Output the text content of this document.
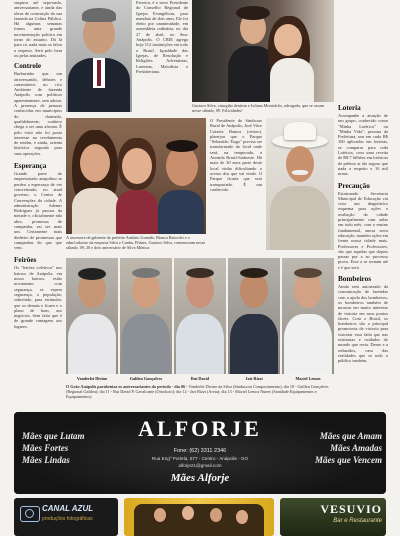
suspiros até sepa-nado, aniversariante, e ainda das obras de construção da sua fazenda na Colina Pública. Há algumas semanas fomos uma grande movimentação política em torno do assunto. Dá lá para cá, nada mais se falou a respeito. Será pelo bem ou pelas amizades.

Controle

Burburinho que um atravessando, debates e comentários no rico Ambiente de fazenda Anápolis com políticos aparentemente, sem adotar. A presença de pessoas conhecidas em municípios do chamado, qualidelmente, conhece chega a ser uma afronta. É pelo visto não foi posto interesse no recebimento de rendas, e ainda, orienta histórica segundo para suas operações.

Esperança

Grande parte do empresariado anapolino se perdeu a esperança de ver concretizado, no atual governo, o Centro de Convenções da cidade. A administração Ademir Rodrigues já passou da metade e, oficialmente não abre, promessa de campanha, vai ser mais um. Certamente mais dinheiro de promessas que campanhas do que que vem.

Feirões

Os "feirões coletivos" nos bairros de Anápolis, em nosso bairros, estão novamente, com segurança, se espera segurança, a população, sobretudo, para estimular, que os demais e ficam e o plano de bom, aos negócios. Sem falar que é de grande vantagens aos lugares.

Ferreira, é o novo Presidente do Conselho Regional de Igrejas Evangélicas, para mandato de dois anos. Ele foi eleito por unanimidade, em assembleia ordinária, no dia 27 de abril, no Sesc Anápolis. O CRIE agrega hoje 112 instituições em todo o Brasil. Igualdade das Igrejas, de Resolução e Religiões Adventistas, Luterana, Metodista e Presbiteriana.

Gustavo Silva, cirurgião dentista e Juliana Montalvão, advogada, que se casam nesse sábado, 09. Felicidades!
A assessora de gabinete do prefeito Antônio Gomide, Bianca Baiocchi e o adm/cadastro da empresa Silva e Cunha, Filmes, Gustavo Silva, comemoram nesse sábado, 09, 20 e dois aniversário de Silva Mônica.

O Presidente do Sindicato Rural de Anápolis, José Vitor Caixeta Ramos (centro), planejou que o Parque "Sebastião Tiago" precisa ser transformado do local onde será, na temporada, a Avenida Brasil-Sudoeste. Há mais de 30 anos parte deste local vinha dificultando o acesso dos que vai vindo. O Parque ficaria que será transportado. É um conhecido.

Loteria

Acompanhe a atuação de um grupo, conhecido como "Minha Lotérica" ou "Minha Vida", persona da Prefeitura, um em cada R$ 100 aplicados em loterias, se comparar para toda Lotérica, com uma receita de R$ 7 bilhões em lotéricas de prêmio aí tão seguro que nada a respeito e 16 mil urnas.

Precaução

Estruturado Secretaria Municipal de Educação vai criar um diagnóstico esquema para ações e avaliação da cidade principalmente com aulas em todo mês, com o ensino fundamental, anexa nova educação, mantém ações em frente nossa cidade mais. Professores e Professores, são que aquelas que depois passar por a ao processo prova. Esse a se tornam até e é que será.

Bombeiros

Ainda sem autorizado da comunicação de fazendas com a ajuda dos bombeiros, os bombeiros também de mostrar em muito interesse de vistoria em seus pontos fáceis. Com o Brasil, os bombeiros são a principal promotoria de vistoria para vistoriar essa falta que nas estruturas e cuidados do mundo que resta. Demo e a reduzidos, caso das realidades que se todo o público também.

Vanderlei Divino	Galileu Gonçalves	Rui David	Jair Rizzi	Maciel Lemos
O Grão Anápolis parabeniza os aniversariantes do período - dia 06 - Vanderlei Divino da Silva (Sinduscon Comportamento); dia 10 - Galileu Gonçalves (Regional Galileu); dia 11 - Rui David P. Cavalcante (Ortodoxo); dia 12 - Jair Rizzi (Areia); dia 13 - Maciel Lemos Nunes (Sanidade Equipamentos e Equipamentos).
Mães que Lutam
Mães Fortes
Mães Lindas
ALFORJE
Fone: (62) 3311 2346
Rua Engº Portela, 577 - Centro - Anápolis - GO
alforje21@gmail.com
Mães Alforje
Mães que Amam
Mães Amadas
Mães que Vencem
CANAL AZUL
produções fotográficas
VESUVIO
Bar e Restaurante
